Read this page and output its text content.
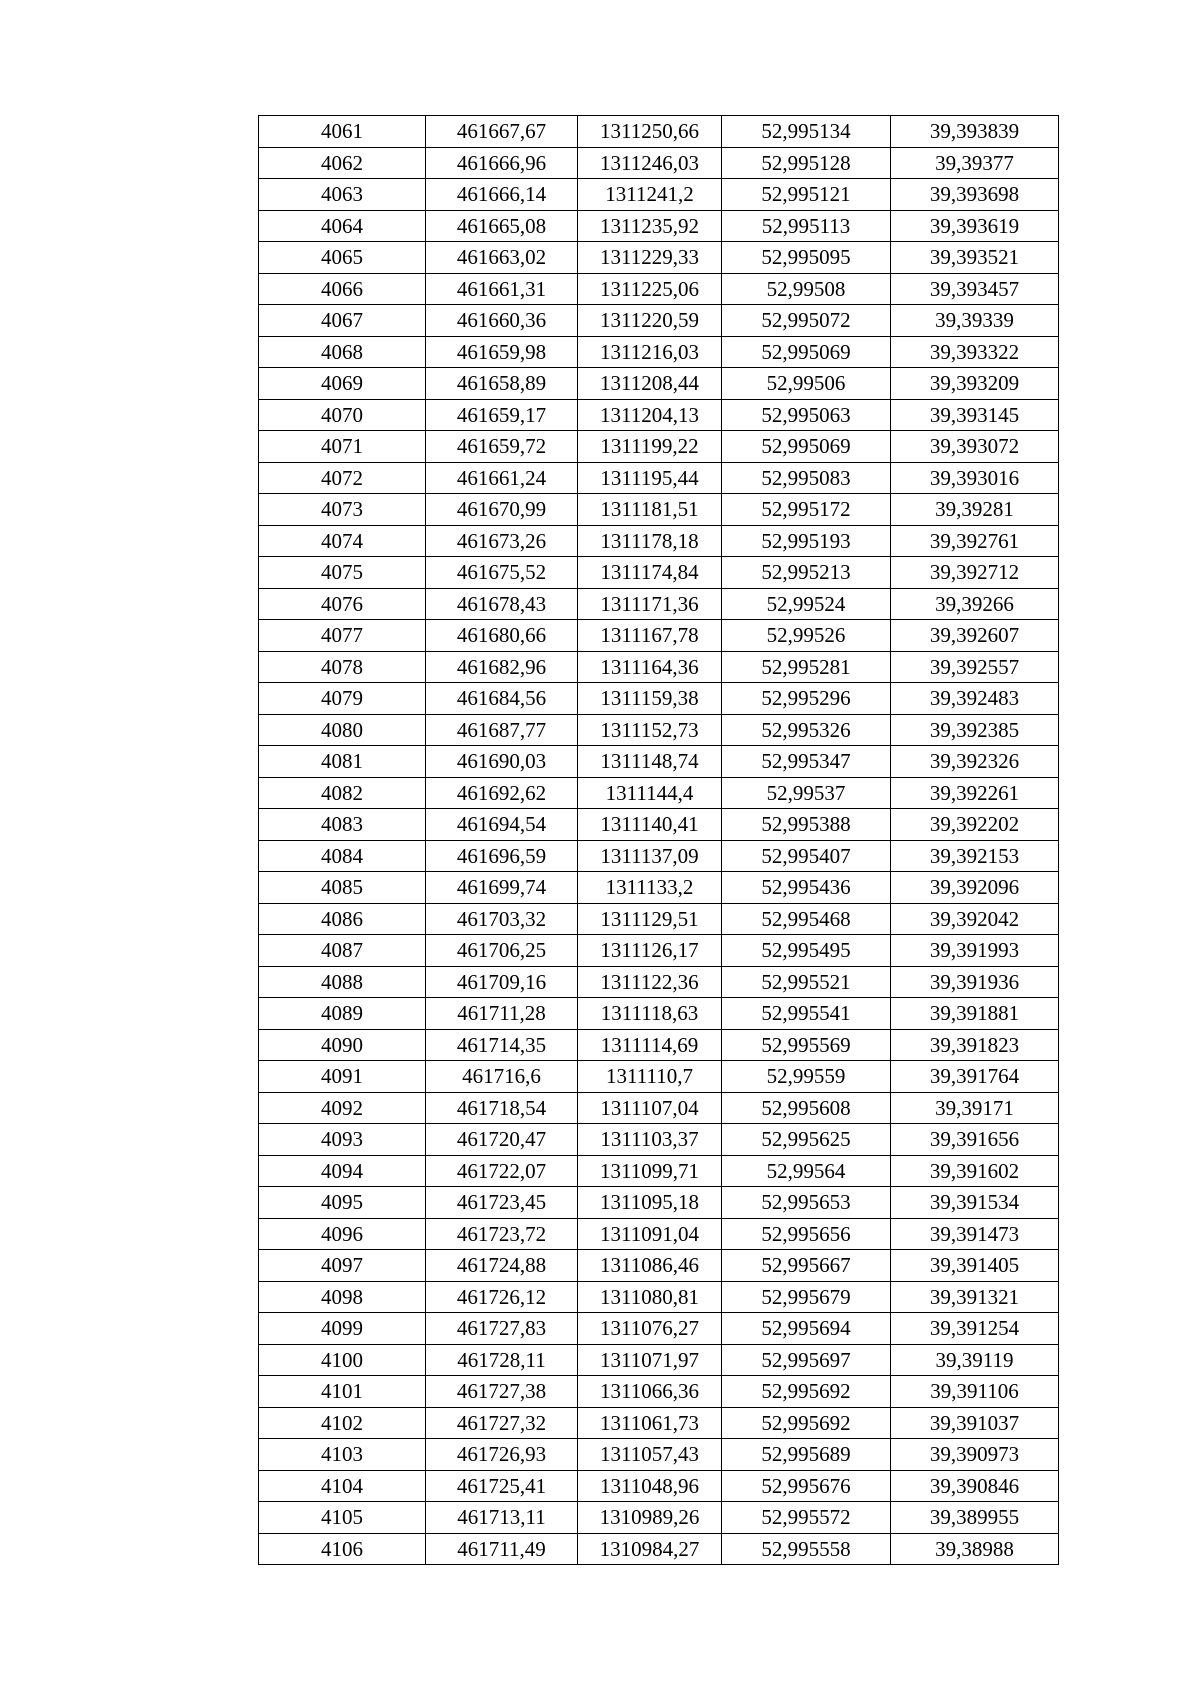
4061	461667,67	1311250,66	52,995134	39,393839
4062	461666,96	1311246,03	52,995128	39,39377
4063	461666,14	1311241,2	52,995121	39,393698
4064	461665,08	1311235,92	52,995113	39,393619
4065	461663,02	1311229,33	52,995095	39,393521
4066	461661,31	1311225,06	52,99508	39,393457
4067	461660,36	1311220,59	52,995072	39,39339
4068	461659,98	1311216,03	52,995069	39,393322
4069	461658,89	1311208,44	52,99506	39,393209
4070	461659,17	1311204,13	52,995063	39,393145
4071	461659,72	1311199,22	52,995069	39,393072
4072	461661,24	1311195,44	52,995083	39,393016
4073	461670,99	1311181,51	52,995172	39,39281
4074	461673,26	1311178,18	52,995193	39,392761
4075	461675,52	1311174,84	52,995213	39,392712
4076	461678,43	1311171,36	52,99524	39,39266
4077	461680,66	1311167,78	52,99526	39,392607
4078	461682,96	1311164,36	52,995281	39,392557
4079	461684,56	1311159,38	52,995296	39,392483
4080	461687,77	1311152,73	52,995326	39,392385
4081	461690,03	1311148,74	52,995347	39,392326
4082	461692,62	1311144,4	52,99537	39,392261
4083	461694,54	1311140,41	52,995388	39,392202
4084	461696,59	1311137,09	52,995407	39,392153
4085	461699,74	1311133,2	52,995436	39,392096
4086	461703,32	1311129,51	52,995468	39,392042
4087	461706,25	1311126,17	52,995495	39,391993
4088	461709,16	1311122,36	52,995521	39,391936
4089	461711,28	1311118,63	52,995541	39,391881
4090	461714,35	1311114,69	52,995569	39,391823
4091	461716,6	1311110,7	52,99559	39,391764
4092	461718,54	1311107,04	52,995608	39,39171
4093	461720,47	1311103,37	52,995625	39,391656
4094	461722,07	1311099,71	52,99564	39,391602
4095	461723,45	1311095,18	52,995653	39,391534
4096	461723,72	1311091,04	52,995656	39,391473
4097	461724,88	1311086,46	52,995667	39,391405
4098	461726,12	1311080,81	52,995679	39,391321
4099	461727,83	1311076,27	52,995694	39,391254
4100	461728,11	1311071,97	52,995697	39,39119
4101	461727,38	1311066,36	52,995692	39,391106
4102	461727,32	1311061,73	52,995692	39,391037
4103	461726,93	1311057,43	52,995689	39,390973
4104	461725,41	1311048,96	52,995676	39,390846
4105	461713,11	1310989,26	52,995572	39,389955
4106	461711,49	1310984,27	52,995558	39,38988
